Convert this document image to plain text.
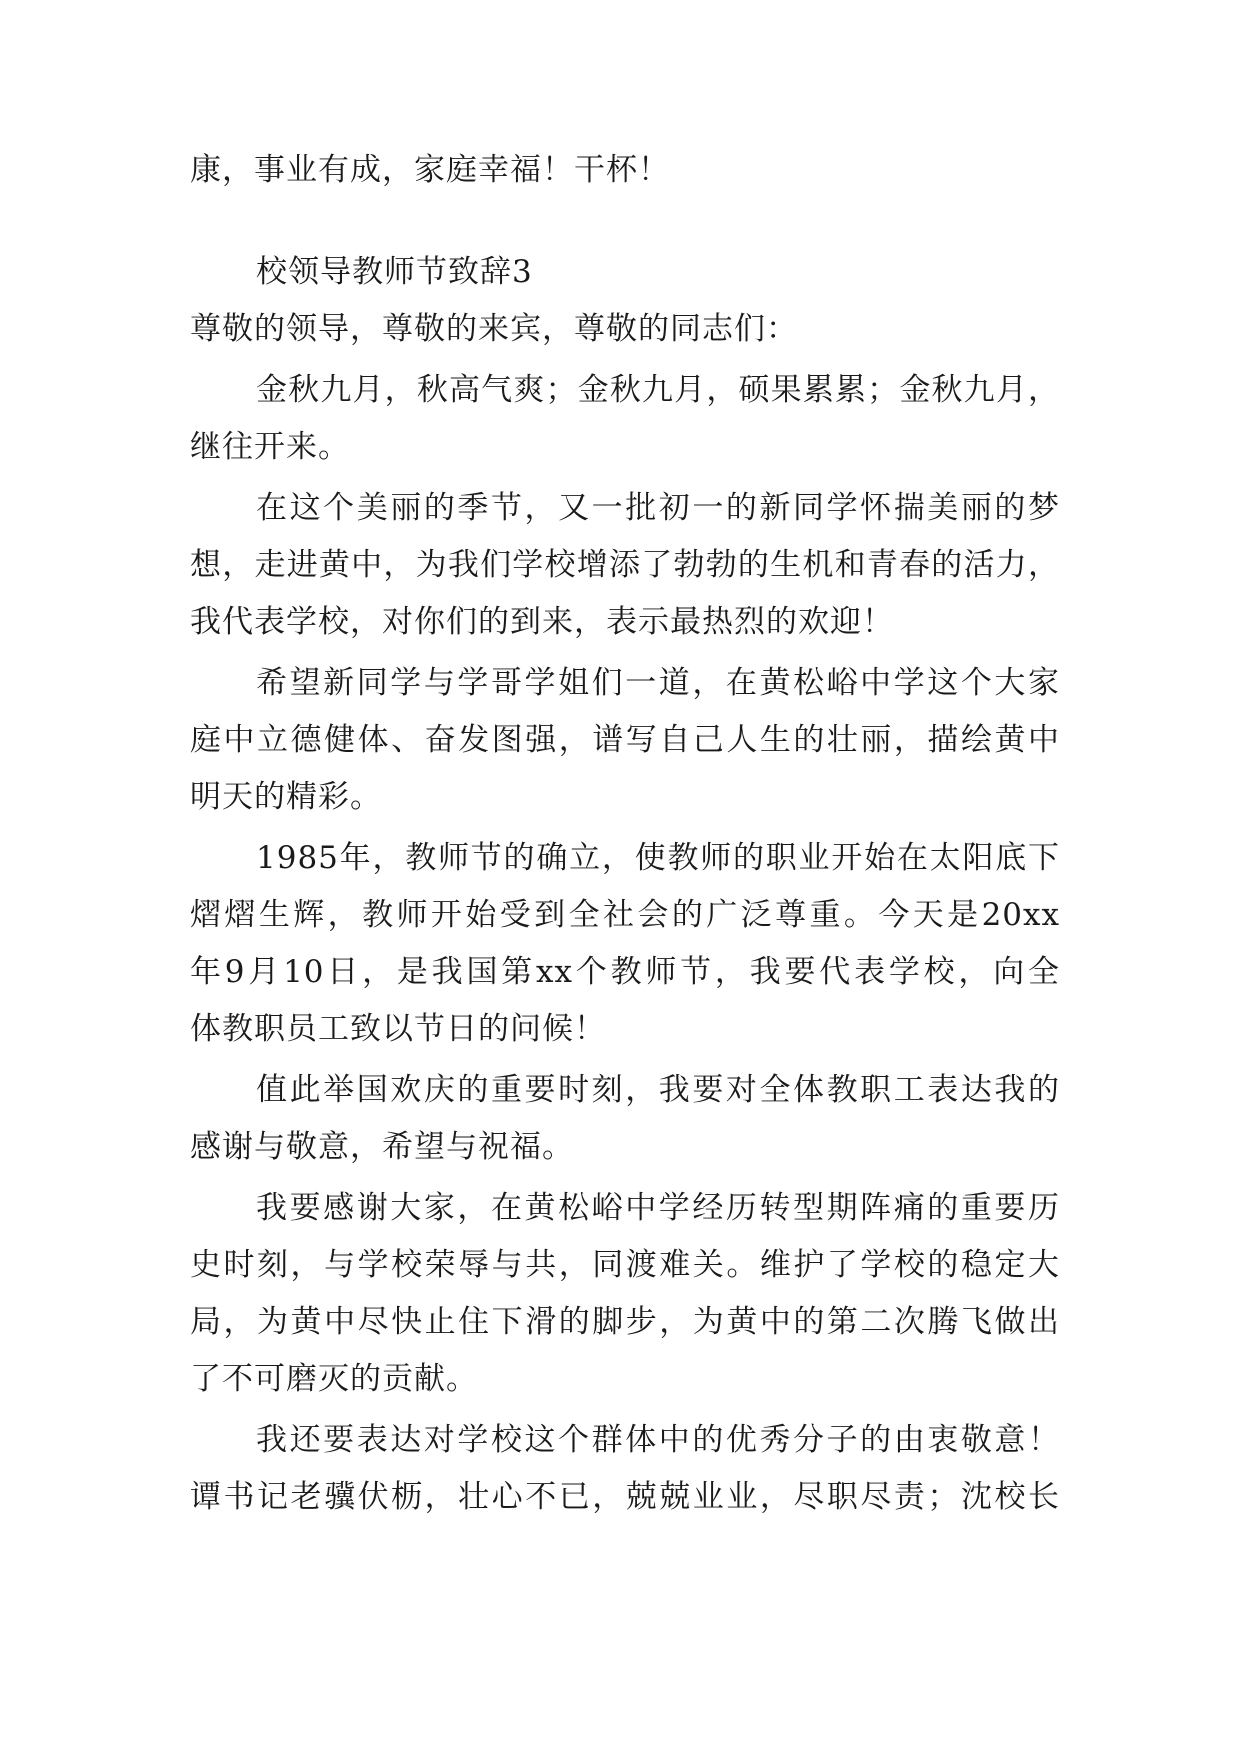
康，事业有成，家庭幸福！干杯！
校领导教师节致辞3
尊敬的领导，尊敬的来宾，尊敬的同志们：
金秋九月，秋高气爽；金秋九月，硕果累累；金秋九月，
继往开来。
在这个美丽的季节，又一批初一的新同学怀揣美丽的梦
想，走进黄中，为我们学校增添了勃勃的生机和青春的活力，
我代表学校，对你们的到来，表示最热烈的欢迎！
希望新同学与学哥学姐们一道，在黄松峪中学这个大家
庭中立德健体、奋发图强，谱写自己人生的壮丽，描绘黄中
明天的精彩。
1985年，教师节的确立，使教师的职业开始在太阳底下
熠熠生辉，教师开始受到全社会的广泛尊重。今天是20xx
年9月10日，是我国第xx个教师节，我要代表学校，向全
体教职员工致以节日的问候！
值此举国欢庆的重要时刻，我要对全体教职工表达我的
感谢与敬意，希望与祝福。
我要感谢大家，在黄松峪中学经历转型期阵痛的重要历
史时刻，与学校荣辱与共，同渡难关。维护了学校的稳定大
局，为黄中尽快止住下滑的脚步，为黄中的第二次腾飞做出
了不可磨灭的贡献。
我还要表达对学校这个群体中的优秀分子的由衷敬意！
谭书记老骥伏枥，壮心不已，兢兢业业，尽职尽责；沈校长
